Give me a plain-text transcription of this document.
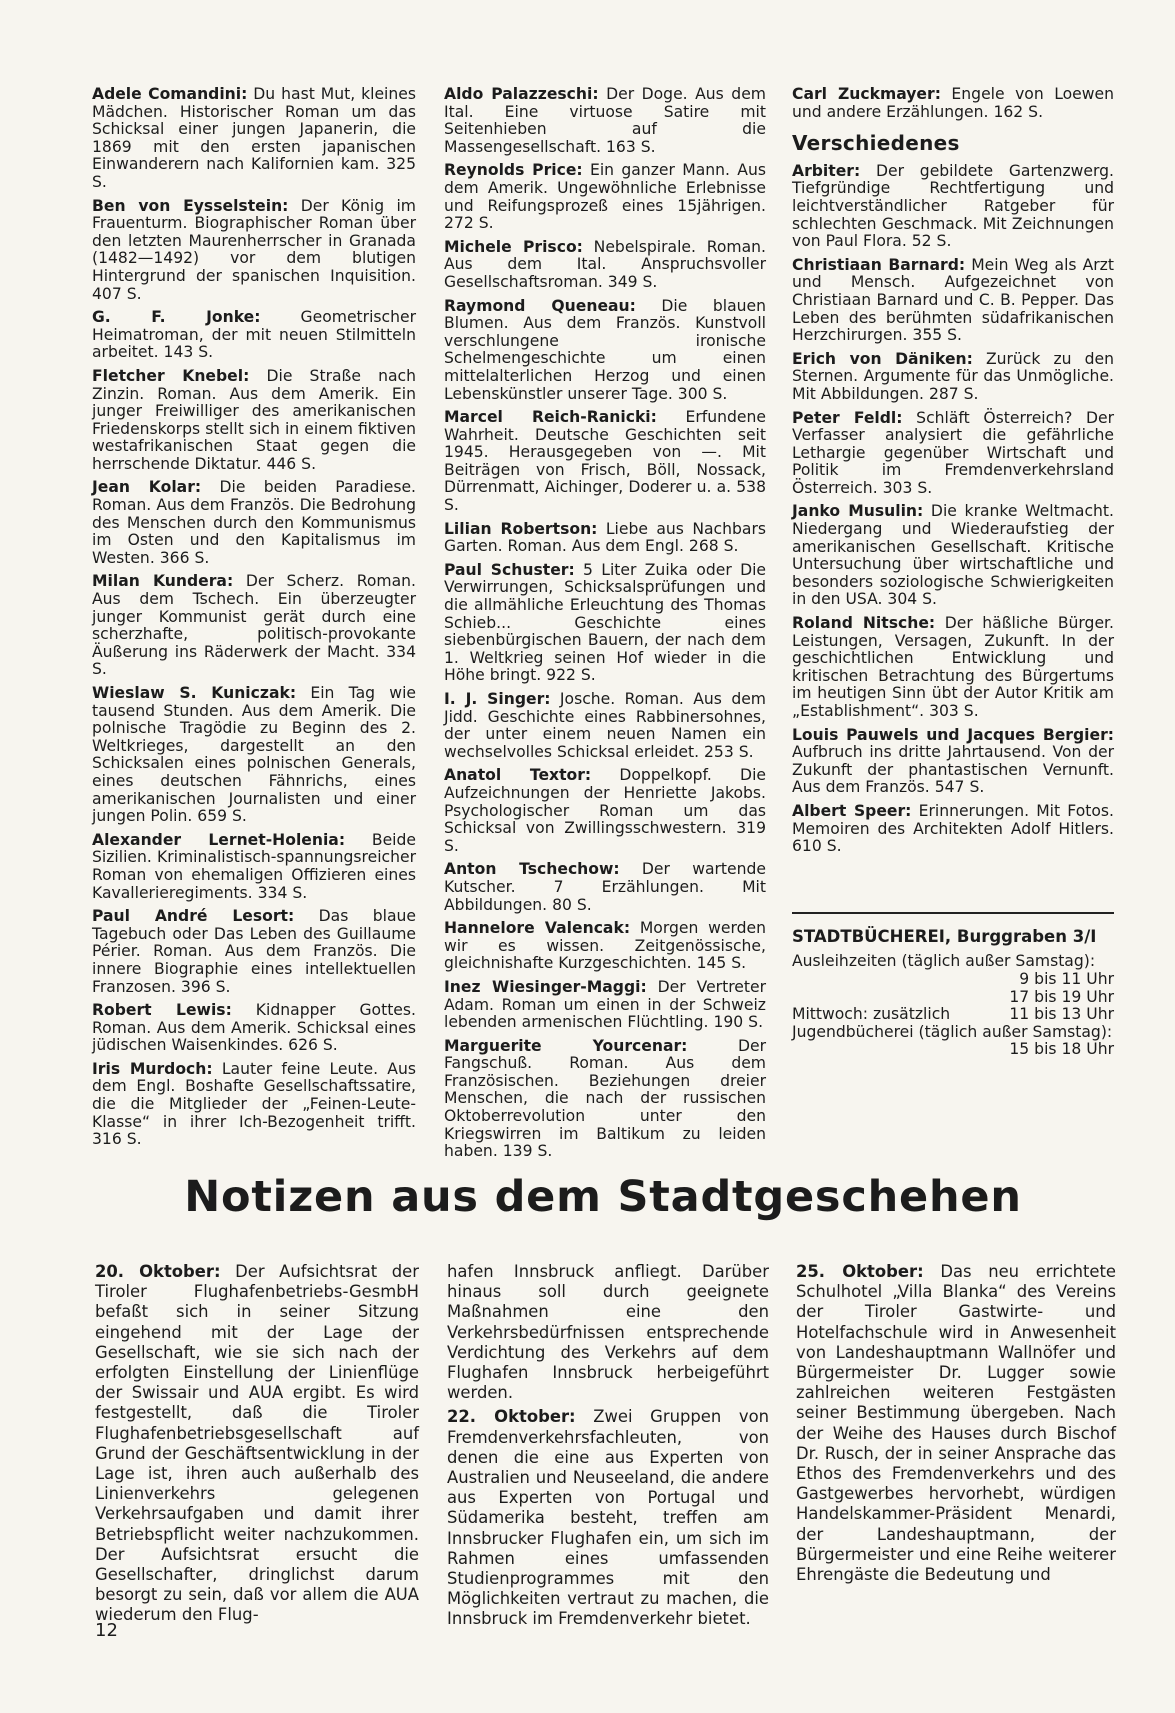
Adele Comandini: Du hast Mut, kleines Mädchen. Historischer Roman um das Schicksal einer jungen Japanerin, die 1869 mit den ersten japanischen Einwanderern nach Kalifornien kam. 325 S.

Ben von Eysselstein: Der König im Frauenturm. Biographischer Roman über den letzten Maurenherrscher in Granada (1482—1492) vor dem blutigen Hintergrund der spanischen Inquisition. 407 S.

G. F. Jonke: Geometrischer Heimatroman, der mit neuen Stilmitteln arbeitet. 143 S.

Fletcher Knebel: Die Straße nach Zinzin. Roman. Aus dem Amerik. Ein junger Freiwilliger des amerikanischen Friedenskorps stellt sich in einem fiktiven westafrikanischen Staat gegen die herrschende Diktatur. 446 S.

Jean Kolar: Die beiden Paradiese. Roman. Aus dem Französ. Die Bedrohung des Menschen durch den Kommunismus im Osten und den Kapitalismus im Westen. 366 S.

Milan Kundera: Der Scherz. Roman. Aus dem Tschech. Ein überzeugter junger Kommunist gerät durch eine scherzhafte, politisch-provokante Äußerung ins Räderwerk der Macht. 334 S.

Wieslaw S. Kuniczak: Ein Tag wie tausend Stunden. Aus dem Amerik. Die polnische Tragödie zu Beginn des 2. Weltkrieges, dargestellt an den Schicksalen eines polnischen Generals, eines deutschen Fähnrichs, eines amerikanischen Journalisten und einer jungen Polin. 659 S.

Alexander Lernet-Holenia: Beide Sizilien. Kriminalistisch-spannungsreicher Roman von ehemaligen Offizieren eines Kavallerieregiments. 334 S.

Paul André Lesort: Das blaue Tagebuch oder Das Leben des Guillaume Périer. Roman. Aus dem Französ. Die innere Biographie eines intellektuellen Franzosen. 396 S.

Robert Lewis: Kidnapper Gottes. Roman. Aus dem Amerik. Schicksal eines jüdischen Waisenkindes. 626 S.

Iris Murdoch: Lauter feine Leute. Aus dem Engl. Boshafte Gesellschaftssatire, die die Mitglieder der „Feinen-Leute-Klasse“ in ihrer Ich-Bezogenheit trifft. 316 S.

Aldo Palazzeschi: Der Doge. Aus dem Ital. Eine virtuose Satire mit Seitenhieben auf die Massengesellschaft. 163 S.

Reynolds Price: Ein ganzer Mann. Aus dem Amerik. Ungewöhnliche Erlebnisse und Reifungsprozeß eines 15jährigen. 272 S.

Michele Prisco: Nebelspirale. Roman. Aus dem Ital. Anspruchsvoller Gesellschaftsroman. 349 S.

Raymond Queneau: Die blauen Blumen. Aus dem Französ. Kunstvoll verschlungene ironische Schelmengeschichte um einen mittelalterlichen Herzog und einen Lebenskünstler unserer Tage. 300 S.

Marcel Reich-Ranicki: Erfundene Wahrheit. Deutsche Geschichten seit 1945. Herausgegeben von —. Mit Beiträgen von Frisch, Böll, Nossack, Dürrenmatt, Aichinger, Doderer u. a. 538 S.

Lilian Robertson: Liebe aus Nachbars Garten. Roman. Aus dem Engl. 268 S.

Paul Schuster: 5 Liter Zuika oder Die Verwirrungen, Schicksalsprüfungen und die allmähliche Erleuchtung des Thomas Schieb... Geschichte eines siebenbürgischen Bauern, der nach dem 1. Weltkrieg seinen Hof wieder in die Höhe bringt. 922 S.

I. J. Singer: Josche. Roman. Aus dem Jidd. Geschichte eines Rabbinersohnes, der unter einem neuen Namen ein wechselvolles Schicksal erleidet. 253 S.

Anatol Textor: Doppelkopf. Die Aufzeichnungen der Henriette Jakobs. Psychologischer Roman um das Schicksal von Zwillingsschwestern. 319 S.

Anton Tschechow: Der wartende Kutscher. 7 Erzählungen. Mit Abbildungen. 80 S.

Hannelore Valencak: Morgen werden wir es wissen. Zeitgenössische, gleichnishafte Kurzgeschichten. 145 S.

Inez Wiesinger-Maggi: Der Vertreter Adam. Roman um einen in der Schweiz lebenden armenischen Flüchtling. 190 S.

Marguerite Yourcenar: Der Fangschuß. Roman. Aus dem Französischen. Beziehungen dreier Menschen, die nach der russischen Oktoberrevolution unter den Kriegswirren im Baltikum zu leiden haben. 139 S.

Carl Zuckmayer: Engele von Loewen und andere Erzählungen. 162 S.

Verschiedenes

Arbiter: Der gebildete Gartenzwerg. Tiefgründige Rechtfertigung und leichtverständlicher Ratgeber für schlechten Geschmack. Mit Zeichnungen von Paul Flora. 52 S.

Christiaan Barnard: Mein Weg als Arzt und Mensch. Aufgezeichnet von Christiaan Barnard und C. B. Pepper. Das Leben des berühmten südafrikanischen Herzchirurgen. 355 S.

Erich von Däniken: Zurück zu den Sternen. Argumente für das Unmögliche. Mit Abbildungen. 287 S.

Peter Feldl: Schläft Österreich? Der Verfasser analysiert die gefährliche Lethargie gegenüber Wirtschaft und Politik im Fremdenverkehrsland Österreich. 303 S.

Janko Musulin: Die kranke Weltmacht. Niedergang und Wiederaufstieg der amerikanischen Gesellschaft. Kritische Untersuchung über wirtschaftliche und besonders soziologische Schwierigkeiten in den USA. 304 S.

Roland Nitsche: Der häßliche Bürger. Leistungen, Versagen, Zukunft. In der geschichtlichen Entwicklung und kritischen Betrachtung des Bürgertums im heutigen Sinn übt der Autor Kritik am „Establishment“. 303 S.

Louis Pauwels und Jacques Bergier: Aufbruch ins dritte Jahrtausend. Von der Zukunft der phantastischen Vernunft. Aus dem Französ. 547 S.

Albert Speer: Erinnerungen. Mit Fotos. Memoiren des Architekten Adolf Hitlers. 610 S.

STADTBÜCHEREI, Burggraben 3/I
Ausleihzeiten (täglich außer Samstag):
9 bis 11 Uhr
17 bis 19 Uhr
Mittwoch: zusätzlich	11 bis 13 Uhr
Jugendbücherei (täglich außer Samstag):
15 bis 18 Uhr
Notizen aus dem Stadtgeschehen

20. Oktober: Der Aufsichtsrat der Tiroler Flughafenbetriebs-GesmbH befaßt sich in seiner Sitzung eingehend mit der Lage der Gesellschaft, wie sie sich nach der erfolgten Einstellung der Linienflüge der Swissair und AUA ergibt. Es wird festgestellt, daß die Tiroler Flughafenbetriebsgesellschaft auf Grund der Geschäftsentwicklung in der Lage ist, ihren auch außerhalb des Linienverkehrs gelegenen Verkehrsaufgaben und damit ihrer Betriebspflicht weiter nachzukommen. Der Aufsichtsrat ersucht die Gesellschafter, dringlichst darum besorgt zu sein, daß vor allem die AUA wiederum den Flug-

hafen Innsbruck anfliegt. Darüber hinaus soll durch geeignete Maßnahmen eine den Verkehrsbedürfnissen entsprechende Verdichtung des Verkehrs auf dem Flughafen Innsbruck herbeigeführt werden.

22. Oktober: Zwei Gruppen von Fremdenverkehrsfachleuten, von denen die eine aus Experten von Australien und Neuseeland, die andere aus Experten von Portugal und Südamerika besteht, treffen am Innsbrucker Flughafen ein, um sich im Rahmen eines umfassenden Studienprogrammes mit den Möglichkeiten vertraut zu machen, die Innsbruck im Fremdenverkehr bietet.

25. Oktober: Das neu errichtete Schulhotel „Villa Blanka“ des Vereins der Tiroler Gastwirte- und Hotelfachschule wird in Anwesenheit von Landeshauptmann Wallnöfer und Bürgermeister Dr. Lugger sowie zahlreichen weiteren Festgästen seiner Bestimmung übergeben. Nach der Weihe des Hauses durch Bischof Dr. Rusch, der in seiner Ansprache das Ethos des Fremdenverkehrs und des Gastgewerbes hervorhebt, würdigen Handelskammer-Präsident Menardi, der Landeshauptmann, der Bürgermeister und eine Reihe weiterer Ehrengäste die Bedeutung und

12
